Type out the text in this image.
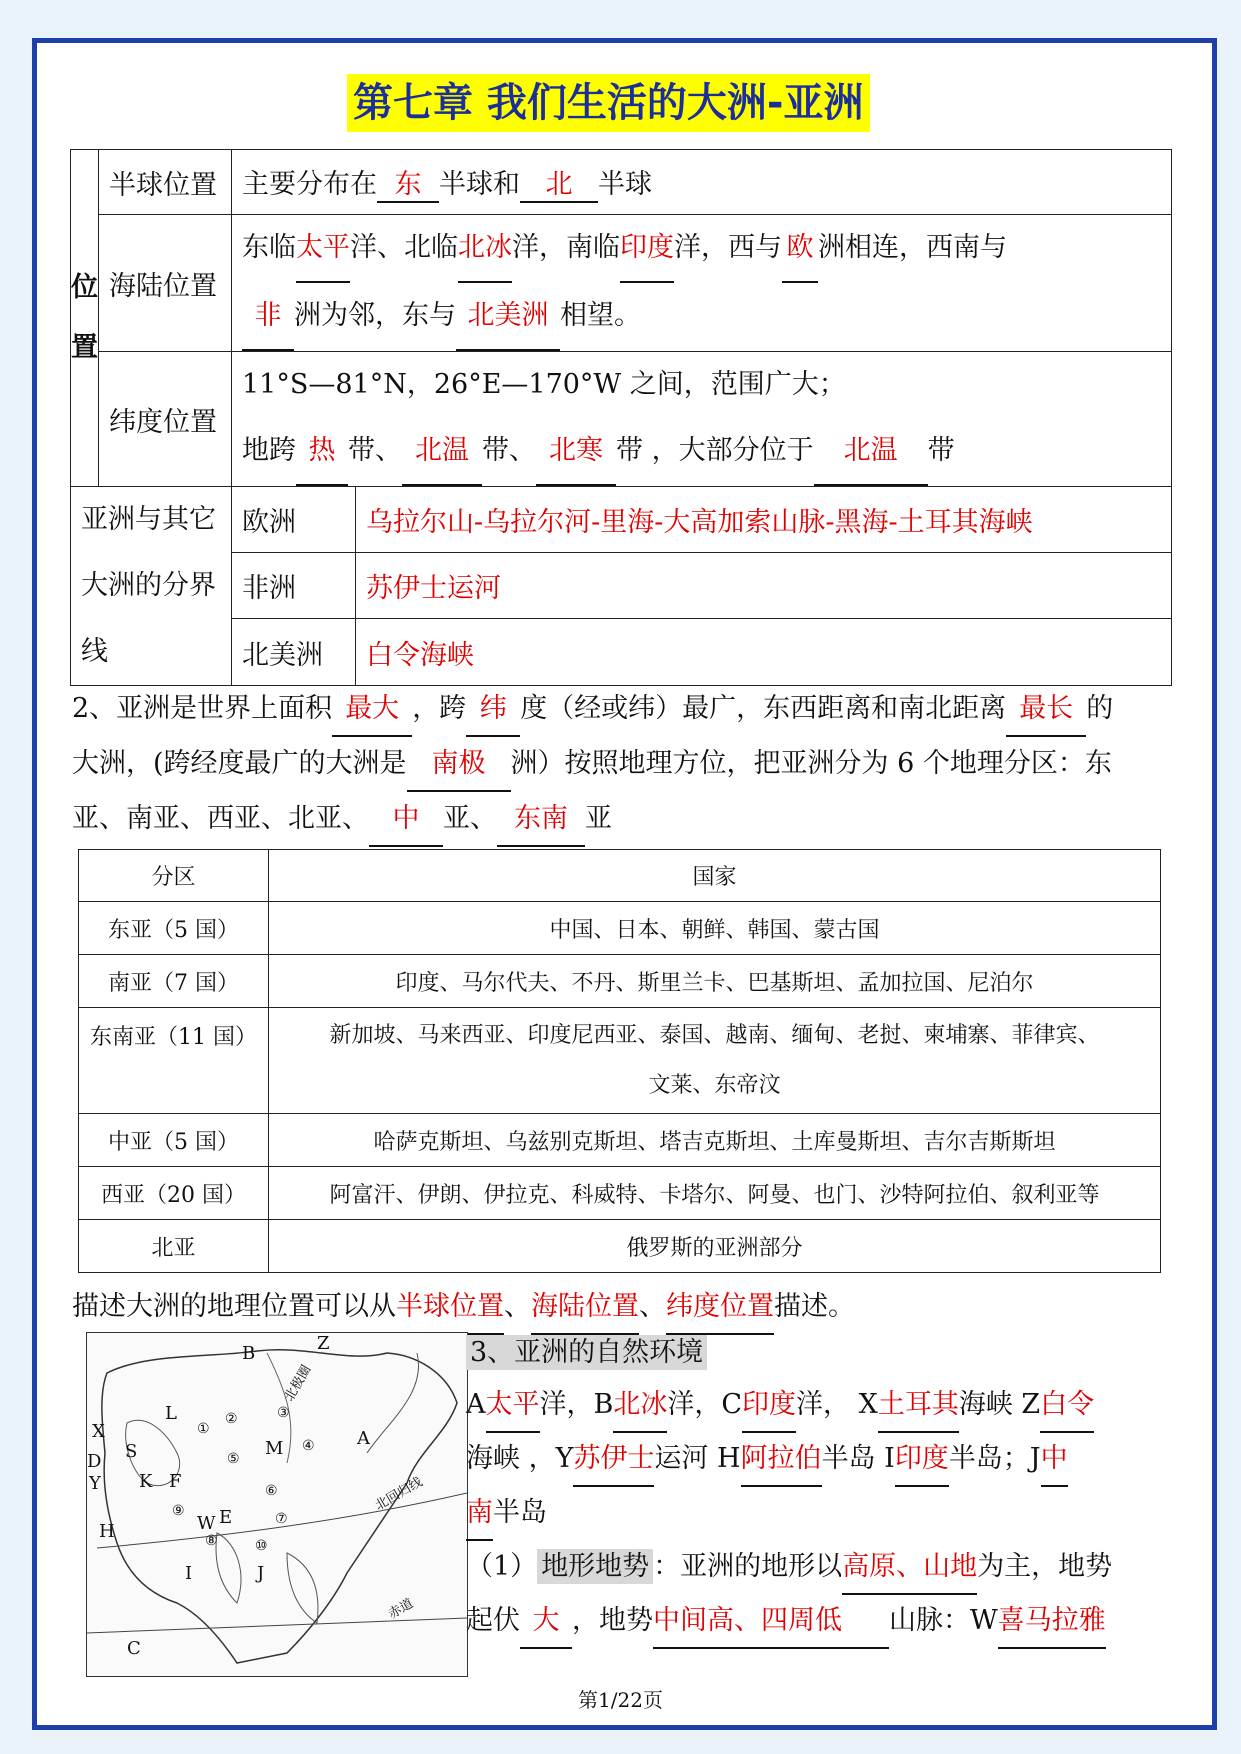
第七章 我们生活的大洲-亚洲
位
置	半球位置	主要分布在 东 半球和 北 半球	
	海陆位置	东临太平洋、北临北冰洋，南临印度洋，西与 欧 洲相连，西南与
非 洲为邻，东与 北美洲 相望。	

	纬度位置	11°S—81°N，26°E—170°W 之间，范围广大；
地跨 热 带、 北温 带、 北寒 带 ，大部分位于 北温 带	

亚洲与其它
大洲的分界
线		欧洲	乌拉尔山-乌拉尔河-里海-大高加索山脉-黑海-土耳其海峡
		非洲	苏伊士运河
		北美洲	白令海峡
2、亚洲是世界上面积 最大 ，跨 纬 度（经或纬）最广，东西距离和南北距离 最长 的
大洲，(跨经度最广的大洲是 南极 洲）按照地理方位，把亚洲分为 6 个地理分区：东
亚、南亚、西亚、北亚、 中 亚、 东南 亚
分区	国家
东亚（5 国）	中国、日本、朝鲜、韩国、蒙古国
南亚（7 国）	印度、马尔代夫、不丹、斯里兰卡、巴基斯坦、孟加拉国、尼泊尔
东南亚（11 国）	新加坡、马来西亚、印度尼西亚、泰国、越南、缅甸、老挝、柬埔寨、菲律宾、
文莱、东帝汶

中亚（5 国）	哈萨克斯坦、乌兹别克斯坦、塔吉克斯坦、土库曼斯坦、吉尔吉斯斯坦
西亚（20 国）	阿富汗、伊朗、伊拉克、科威特、卡塔尔、阿曼、也门、沙特阿拉伯、叙利亚等
北亚	俄罗斯的亚洲部分
描述大洲的地理位置可以从半球位置、海陆位置、纬度位置描述。
B	Z
X
L
S
D
Y K F
M	A
H	W E
I	J
C
①
②	③
④
⑤
⑥
⑦
⑧
⑨
⑩
北极圈
北回归线
赤道
3、亚洲的自然环境
A太平洋，B北冰洋，C印度洋， X土耳其海峡 Z白令
海峡 ，Y苏伊士运河 H阿拉伯半岛 I印度半岛；J中
南半岛
（1） 地形地势 ：亚洲的地形以高原、山地为主，地势
起伏 大 ，地势中间高、四周低 山脉：W喜马拉雅
第1/22页
